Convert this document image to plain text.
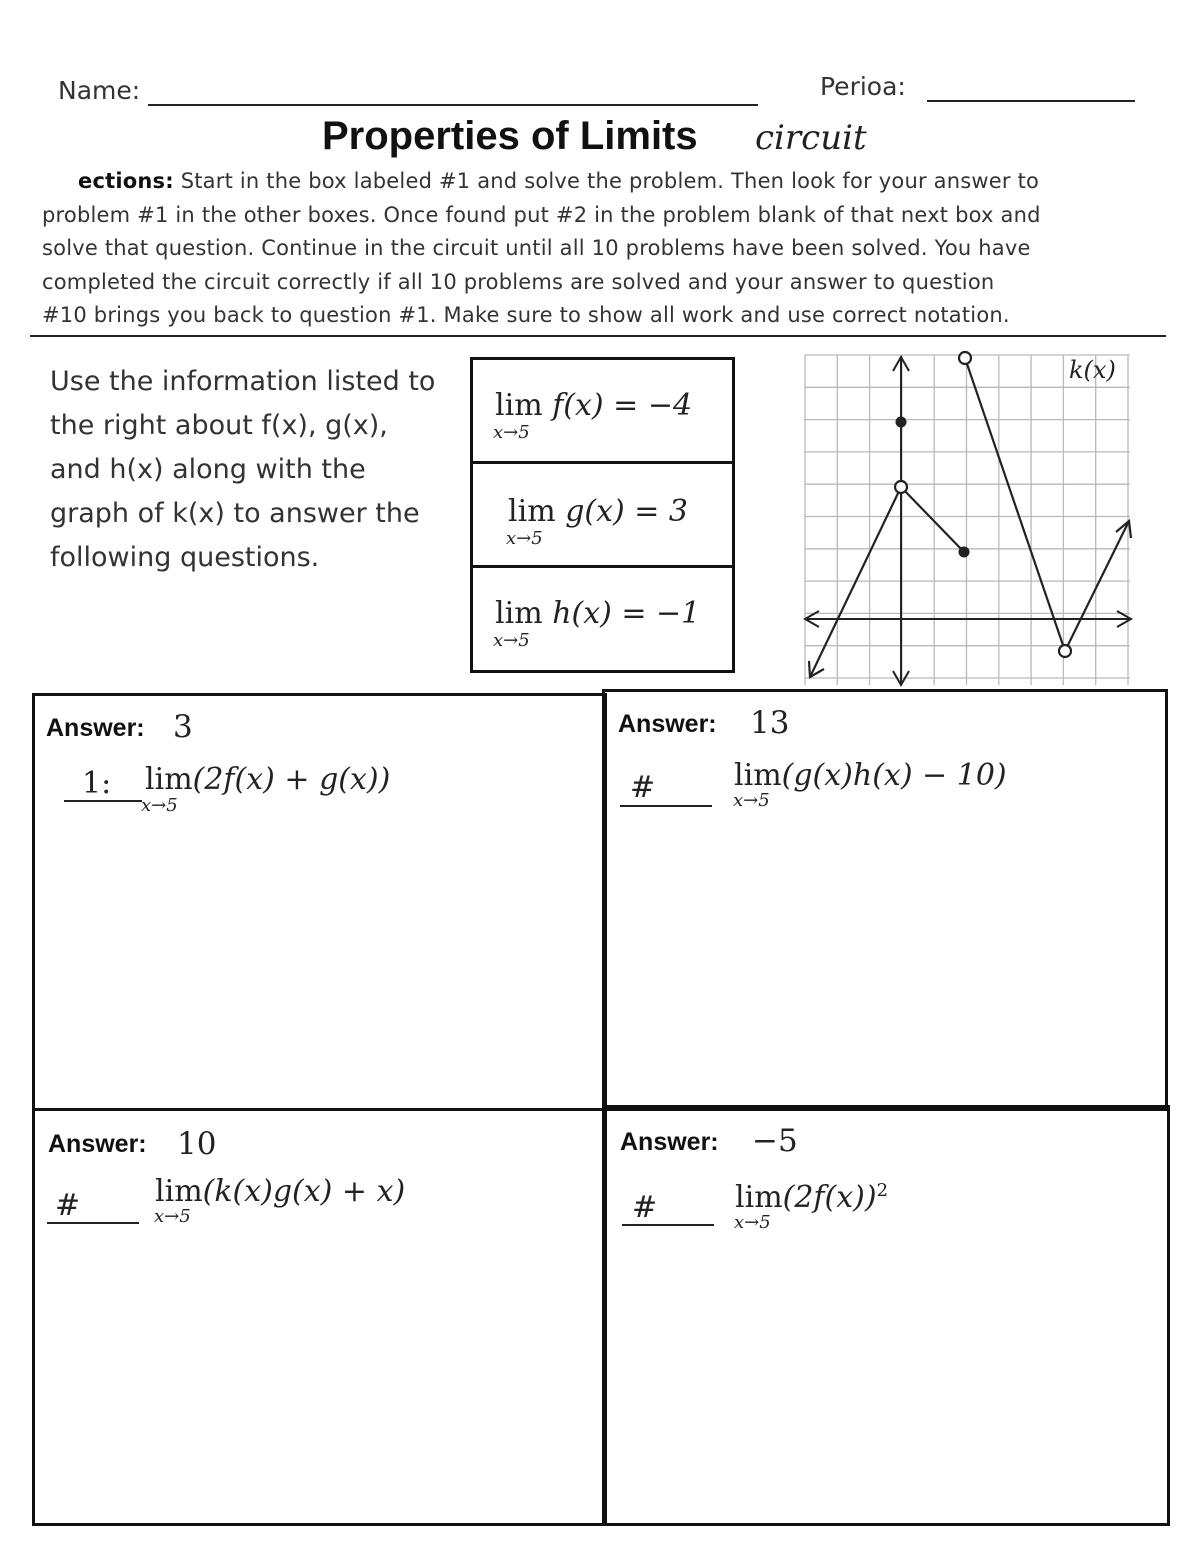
Name:	Perioa:
Properties of Limits circuit
ections: Start in the box labeled #1 and solve the problem. Then look for your answer to
problem #1 in the other boxes. Once found put #2 in the problem blank of that next box and
solve that question. Continue in the circuit until all 10 problems have been solved. You have
completed the circuit correctly if all 10 problems are solved and your answer to question
#10 brings you back to question #1. Make sure to show all work and use correct notation.
Use the information listed to
the right about f(x), g(x),
and h(x) along with the
graph of k(x) to answer the
following questions.
lim f(x) = −4
x→5
lim g(x) = 3
x→5
lim h(x) = −1
x→5
k(x)
Answer: 3
1: lim(2f(x) + g(x))
x→5
Answer: 13
#	lim(g(x)h(x) − 10)
x→5
Answer: 10
# lim(k(x)g(x) + x)
x→5
Answer: −5
#	$\lim(2f(x))^2$
x→5
